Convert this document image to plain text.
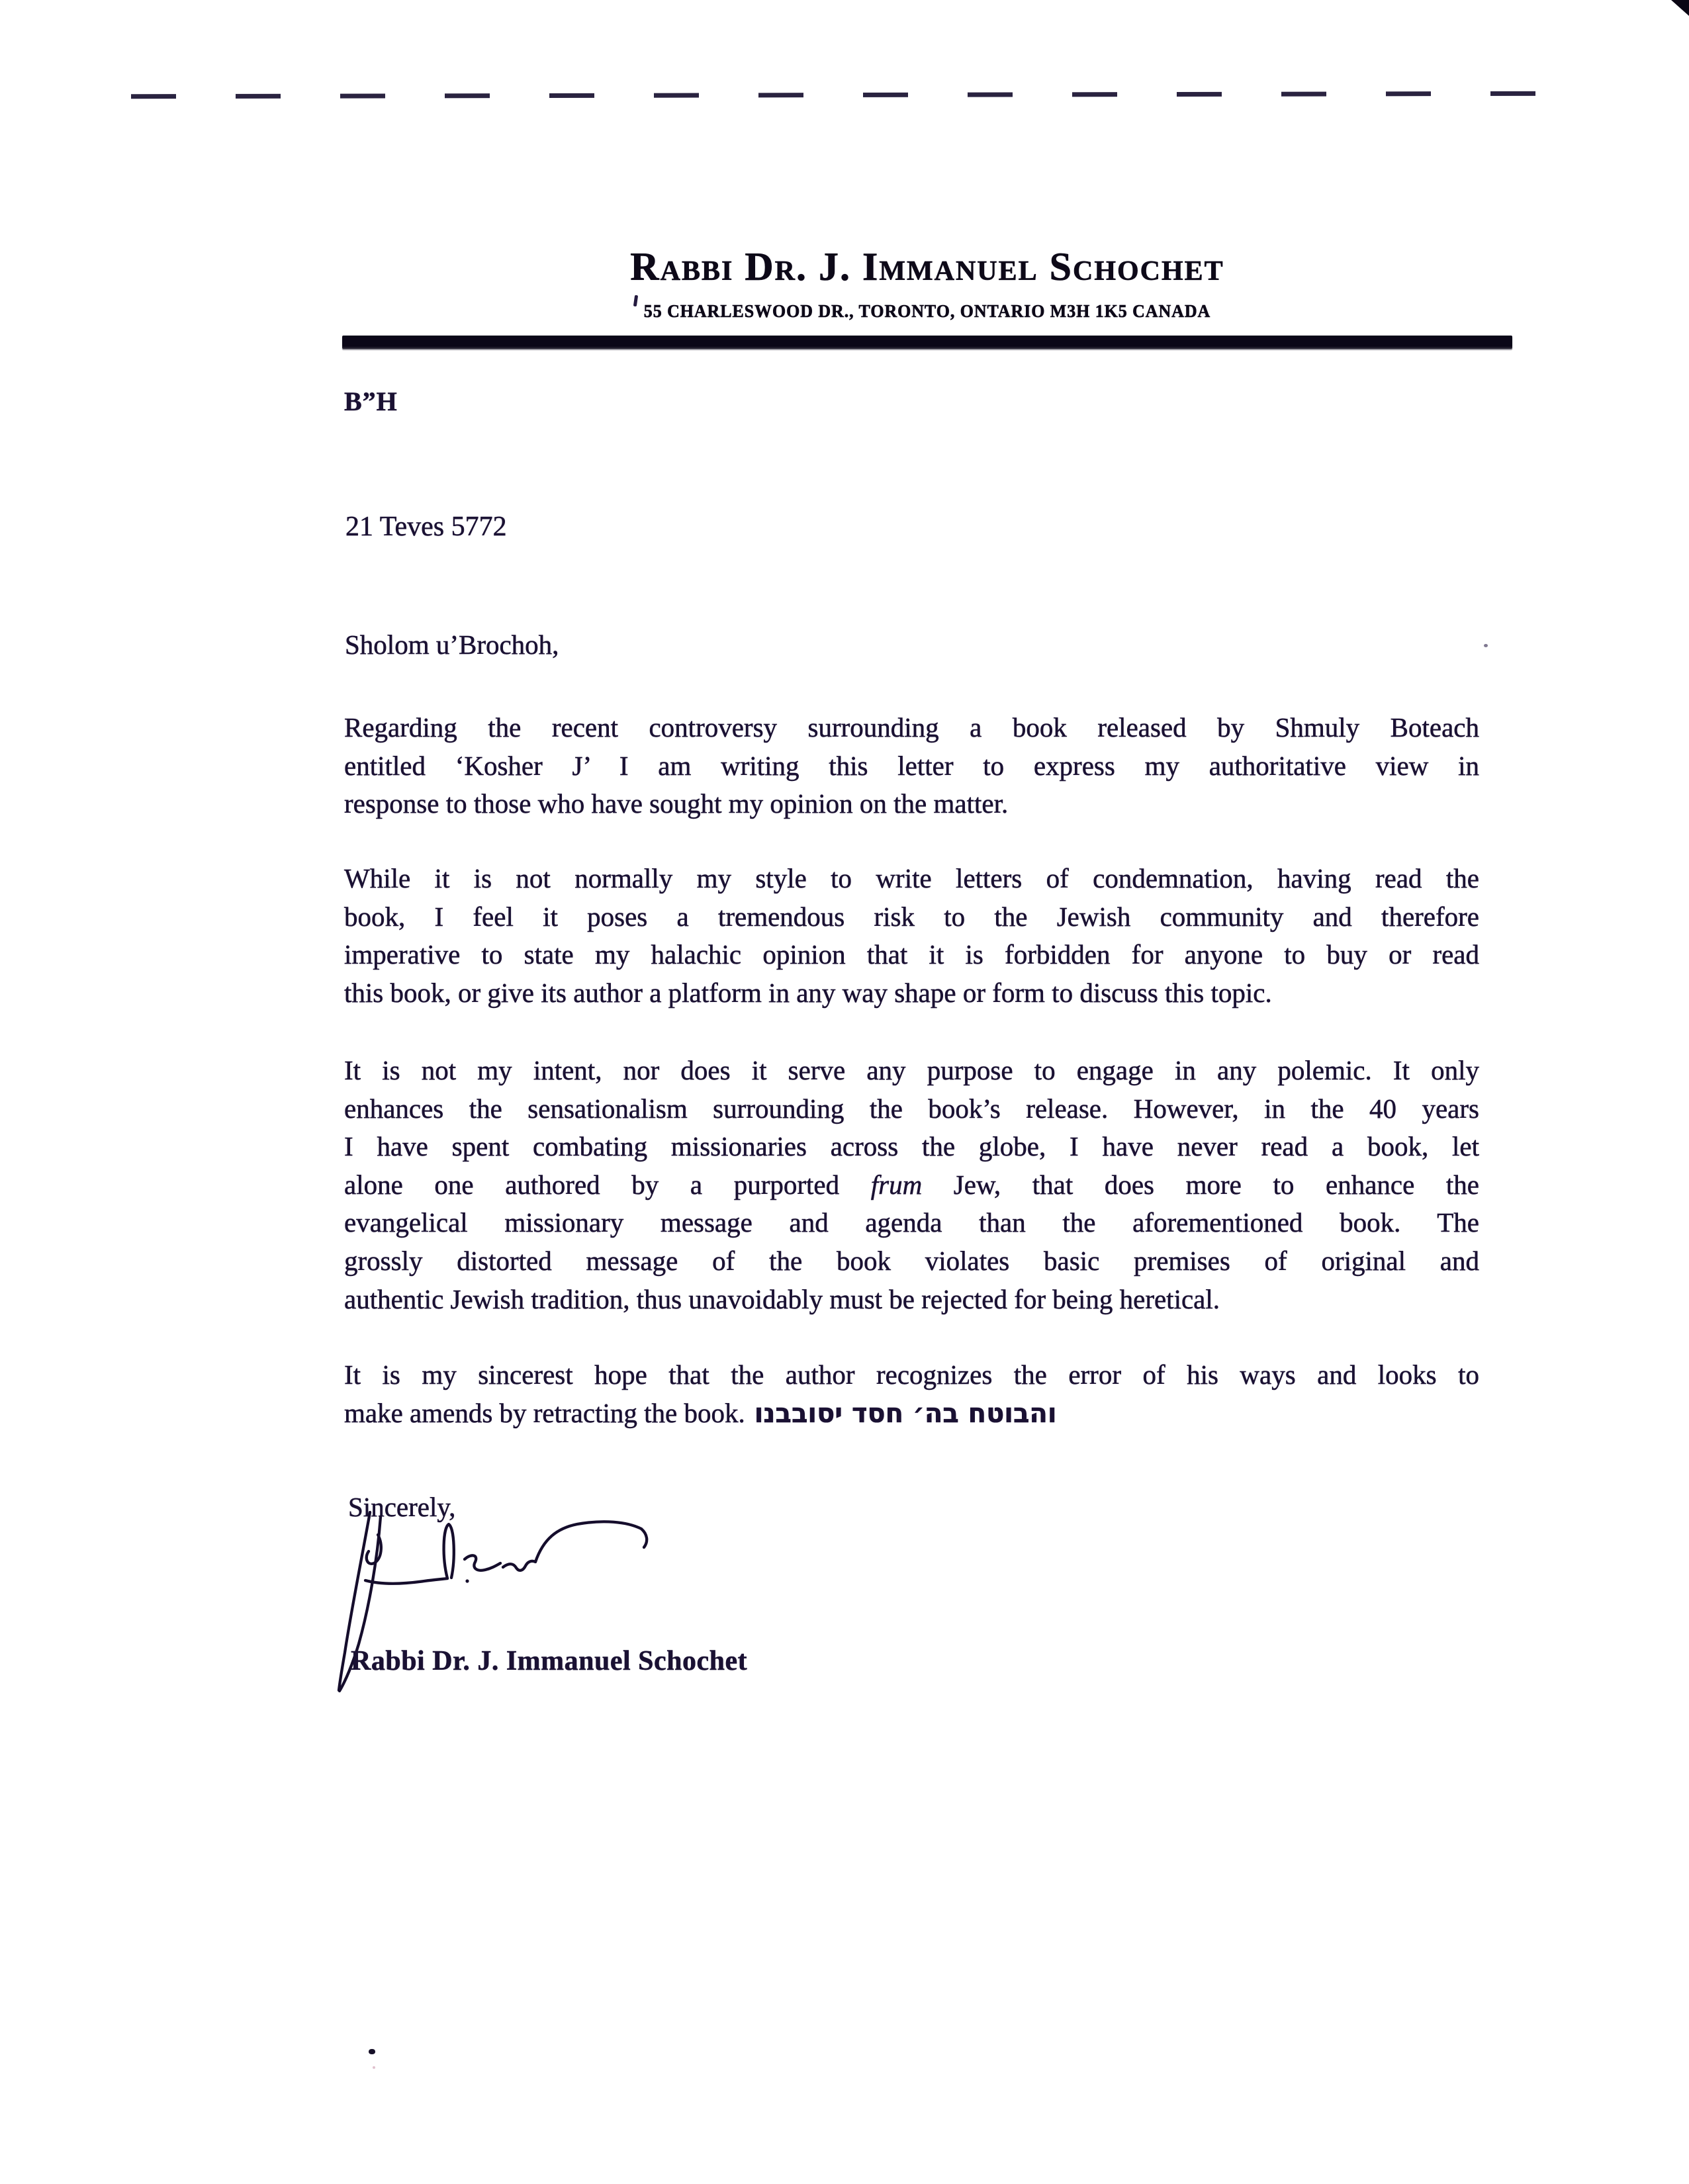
Rabbi Dr. J. Immanuel Schochet
55 CHARLESWOOD DR., TORONTO, ONTARIO M3H 1K5 CANADA
B”H
21 Teves 5772
Sholom u’Brochoh,
Regarding the recent controversy surrounding a book released by Shmuly Boteach
entitled ‘Kosher J’ I am writing this letter to express my authoritative view in
response to those who have sought my opinion on the matter.
While it is not normally my style to write letters of condemnation, having read the
book, I feel it poses a tremendous risk to the Jewish community and therefore
imperative to state my halachic opinion that it is forbidden for anyone to buy or read
this book, or give its author a platform in any way shape or form to discuss this topic.
It is not my intent, nor does it serve any purpose to engage in any polemic. It only
enhances the sensationalism surrounding the book’s release. However, in the 40 years
I have spent combating missionaries across the globe, I have never read a book, let
alone one authored by a purported frum Jew, that does more to enhance the
evangelical missionary message and agenda than the aforementioned book. The
grossly distorted message of the book violates basic premises of original and
authentic Jewish tradition, thus unavoidably must be rejected for being heretical.
It is my sincerest hope that the author recognizes the error of his ways and looks to
make amends by retracting the book. והבוטח בה׳ חסד יסובבנו
Sincerely,
Rabbi Dr. J. Immanuel Schochet
